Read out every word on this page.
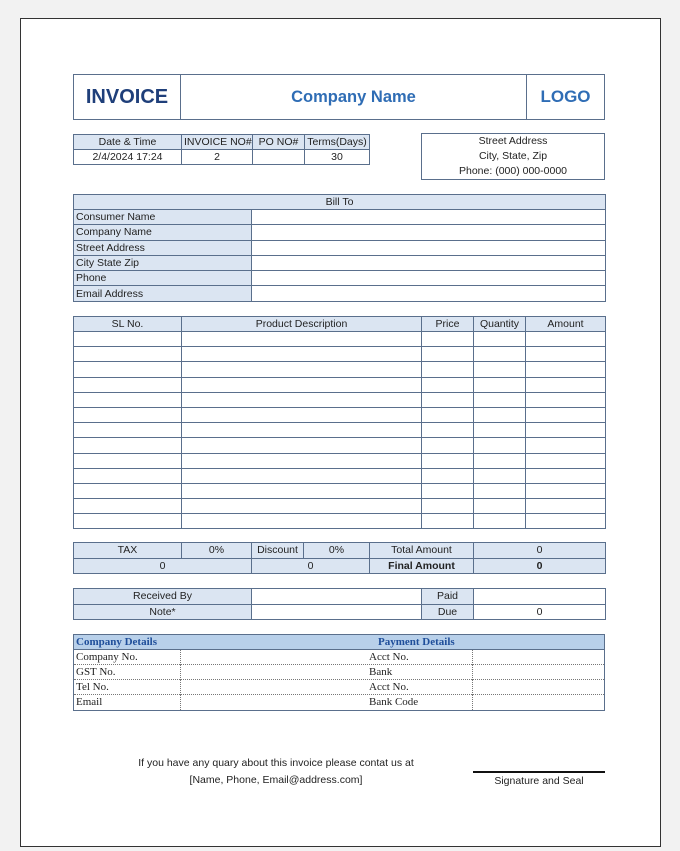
INVOICE	Company Name	LOGO
Date & Time	INVOICE NO#	PO NO#	Terms(Days)
2/4/2024 17:24	2		30
Street Address
City, State, Zip
Phone: (000) 000-0000
Bill To	
Consumer Name	
Company Name	
Street Address	
City State Zip	
Phone	
Email Address	
SL No.	Product Description	Price	Quantity	Amount

TAX	0%	Discount	0%	Total Amount	0
0		0		Final Amount	0
Received By		Paid	
Note*		Due	0
Company Details	Payment Details
Company No.	Acct No.
GST No.	Bank
Tel No.	Acct No.
Email	Bank Code
If you have any quary about this invoice please contat us at
[Name, Phone, Email@address.com]	Signature and Seal
